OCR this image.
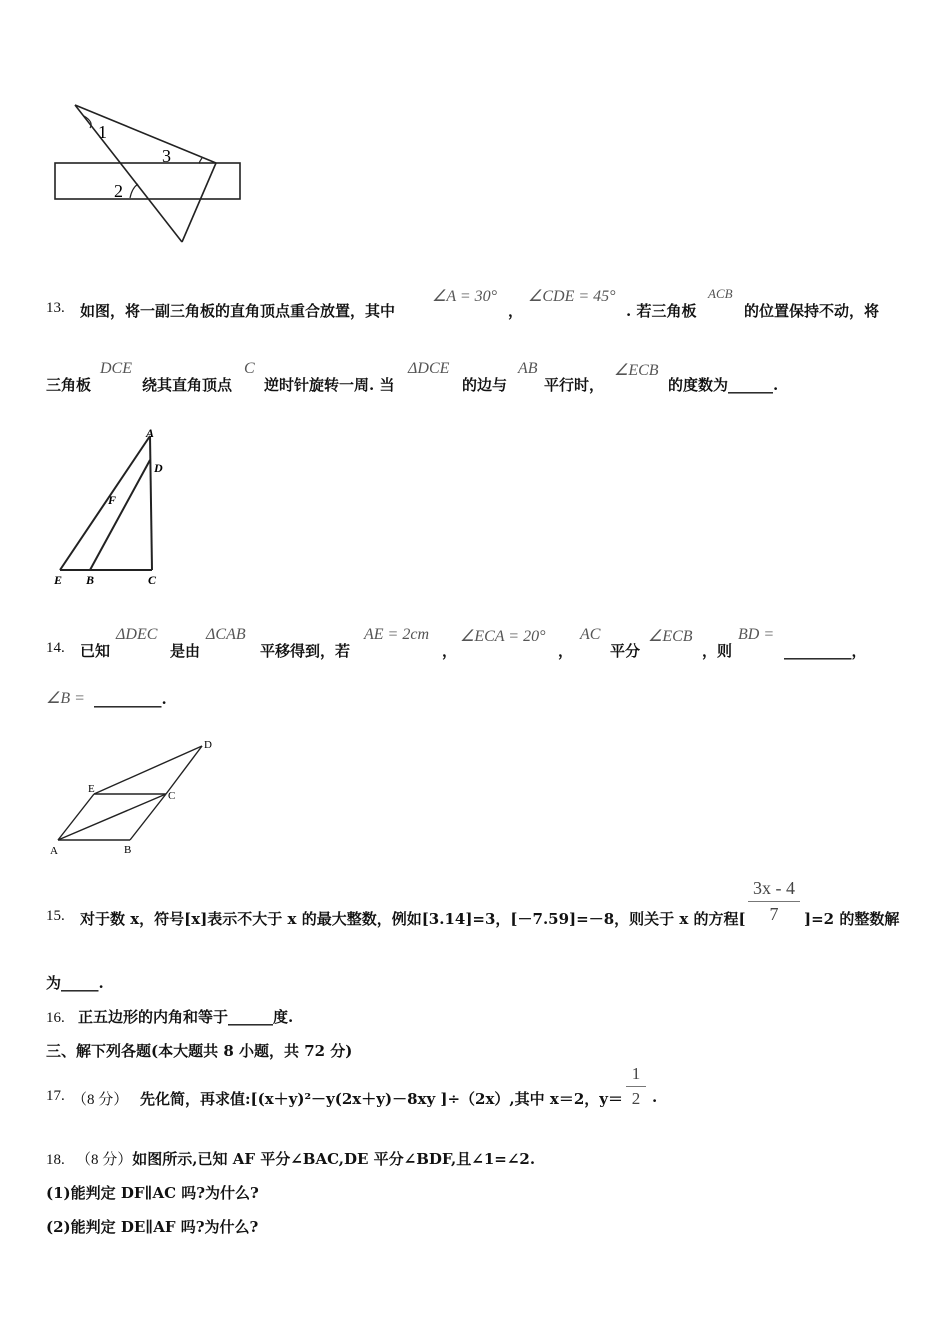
1
2
3
13. 如图，将一副三角板的直角顶点重合放置，其中
∠A = 30°
，
∠CDE = 45°
. 若三角板
ACB
的位置保持不动，将
三角板
DCE
绕其直角顶点
C
逆时针旋转一周. 当
ΔDCE
的边与
AB
平行时，
∠ECB
的度数为______.
A
D
F
E B	C
14. 已知
ΔDEC
是由
ΔCAB
平移得到，若
AE = 2cm
，
∠ECA = 20°
，
AC
平分
∠ECB
，则
BD =
_________，
∠B = _________.
D
E
C
A	B
15. 对于数 x，符号[x]表示不大于 x 的最大整数，例如[3.14]=3，[－7.59]=－8，则关于 x 的方程[
3x - 4
7	]=2 的整数解
为_____.
16. 正五边形的内角和等于______度.
三、解下列各题(本大题共 8 小题，共 72 分)
17. （8 分） 先化简，再求值:[(x＋y)²－y(2x＋y)－8xy ]÷（2x）,其中 x＝2，y＝
1
2 .
18. （8 分）如图所示,已知 AF 平分∠BAC,DE 平分∠BDF,且∠1=∠2.
(1)能判定 DF∥AC 吗?为什么?
(2)能判定 DE∥AF 吗?为什么?
